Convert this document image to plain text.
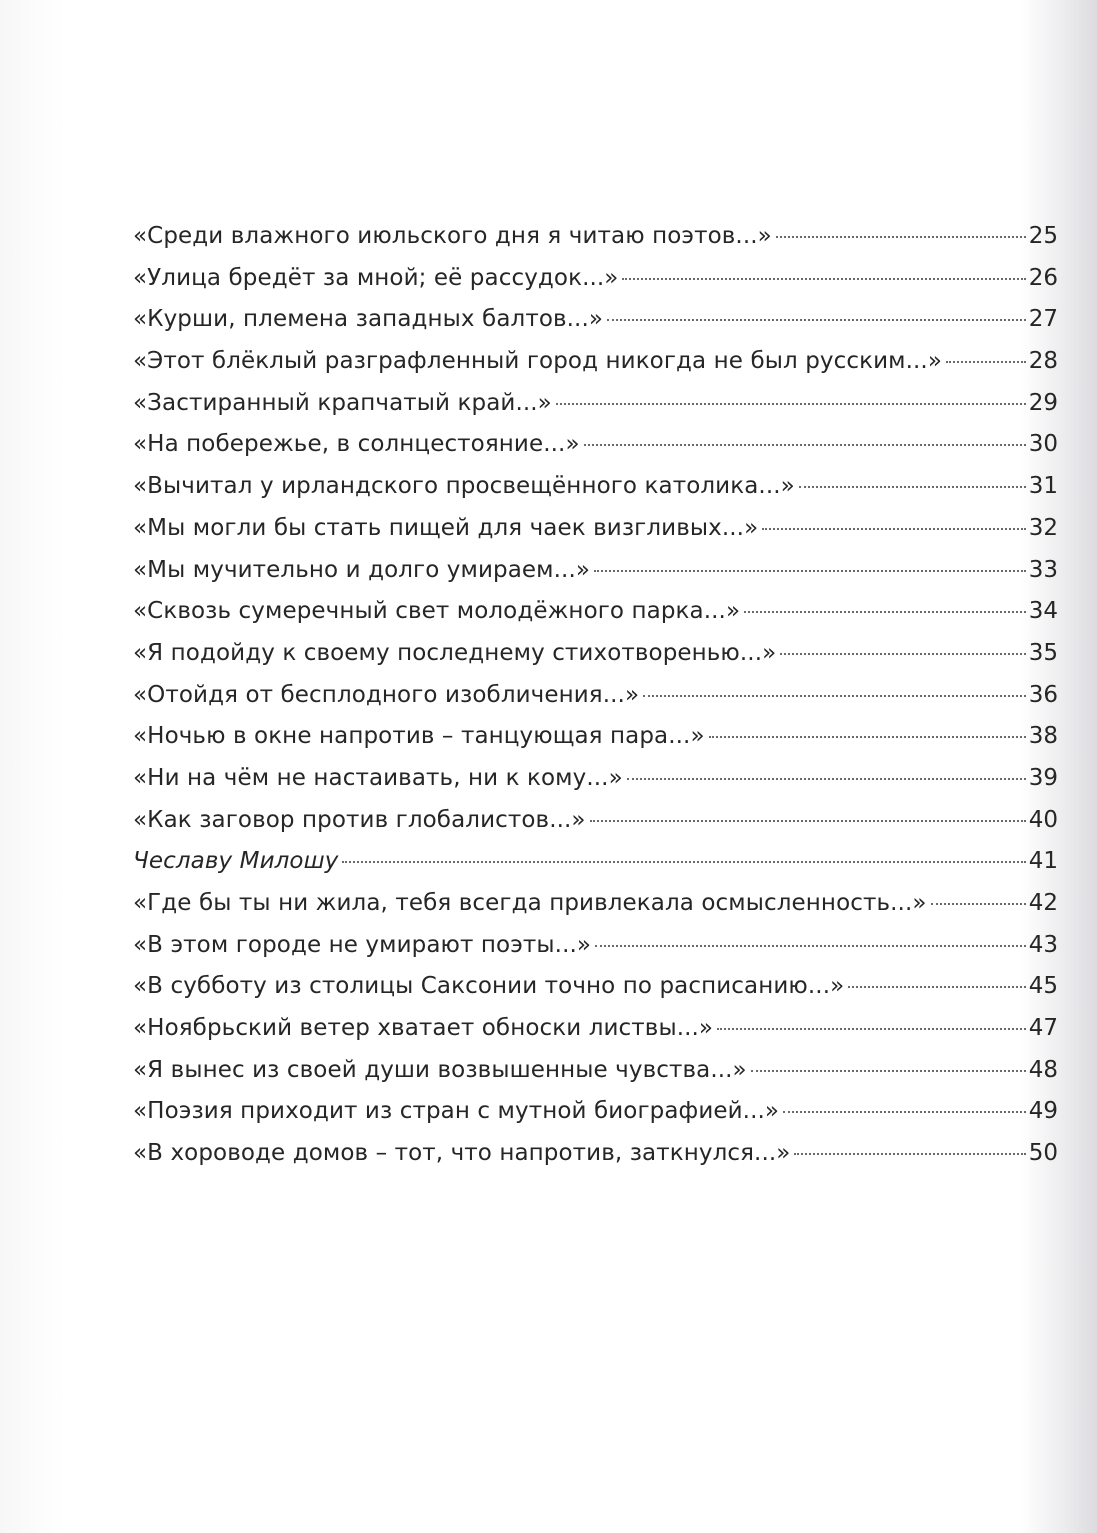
«Среди влажного июльского дня я читаю поэтов...»	25
«Улица бредёт за мной; её рассудок...»	26
«Курши, племена западных балтов...»	27
«Этот блёклый разграфленный город никогда не был русским...»	28
«Застиранный крапчатый край...»	29
«На побережье, в солнцестояние...»	30
«Вычитал у ирландского просвещённого католика...»	31
«Мы могли бы стать пищей для чаек визгливых...»	32
«Мы мучительно и долго умираем...»	33
«Сквозь сумеречный свет молодёжного парка...»	34
«Я подойду к своему последнему стихотворенью...»	35
«Отойдя от бесплодного изобличения...»	36
«Ночью в окне напротив – танцующая пара...»	38
«Ни на чём не настаивать, ни к кому...»	39
«Как заговор против глобалистов...»	40
Чеславу Милошу	41
«Где бы ты ни жила, тебя всегда привлекала осмысленность...»	42
«В этом городе не умирают поэты...»	43
«В субботу из столицы Саксонии точно по расписанию...»	45
«Ноябрьский ветер хватает обноски листвы...»	47
«Я вынес из своей души возвышенные чувства...»	48
«Поэзия приходит из стран с мутной биографией...»	49
«В хороводе домов – тот, что напротив, заткнулся...»	50
